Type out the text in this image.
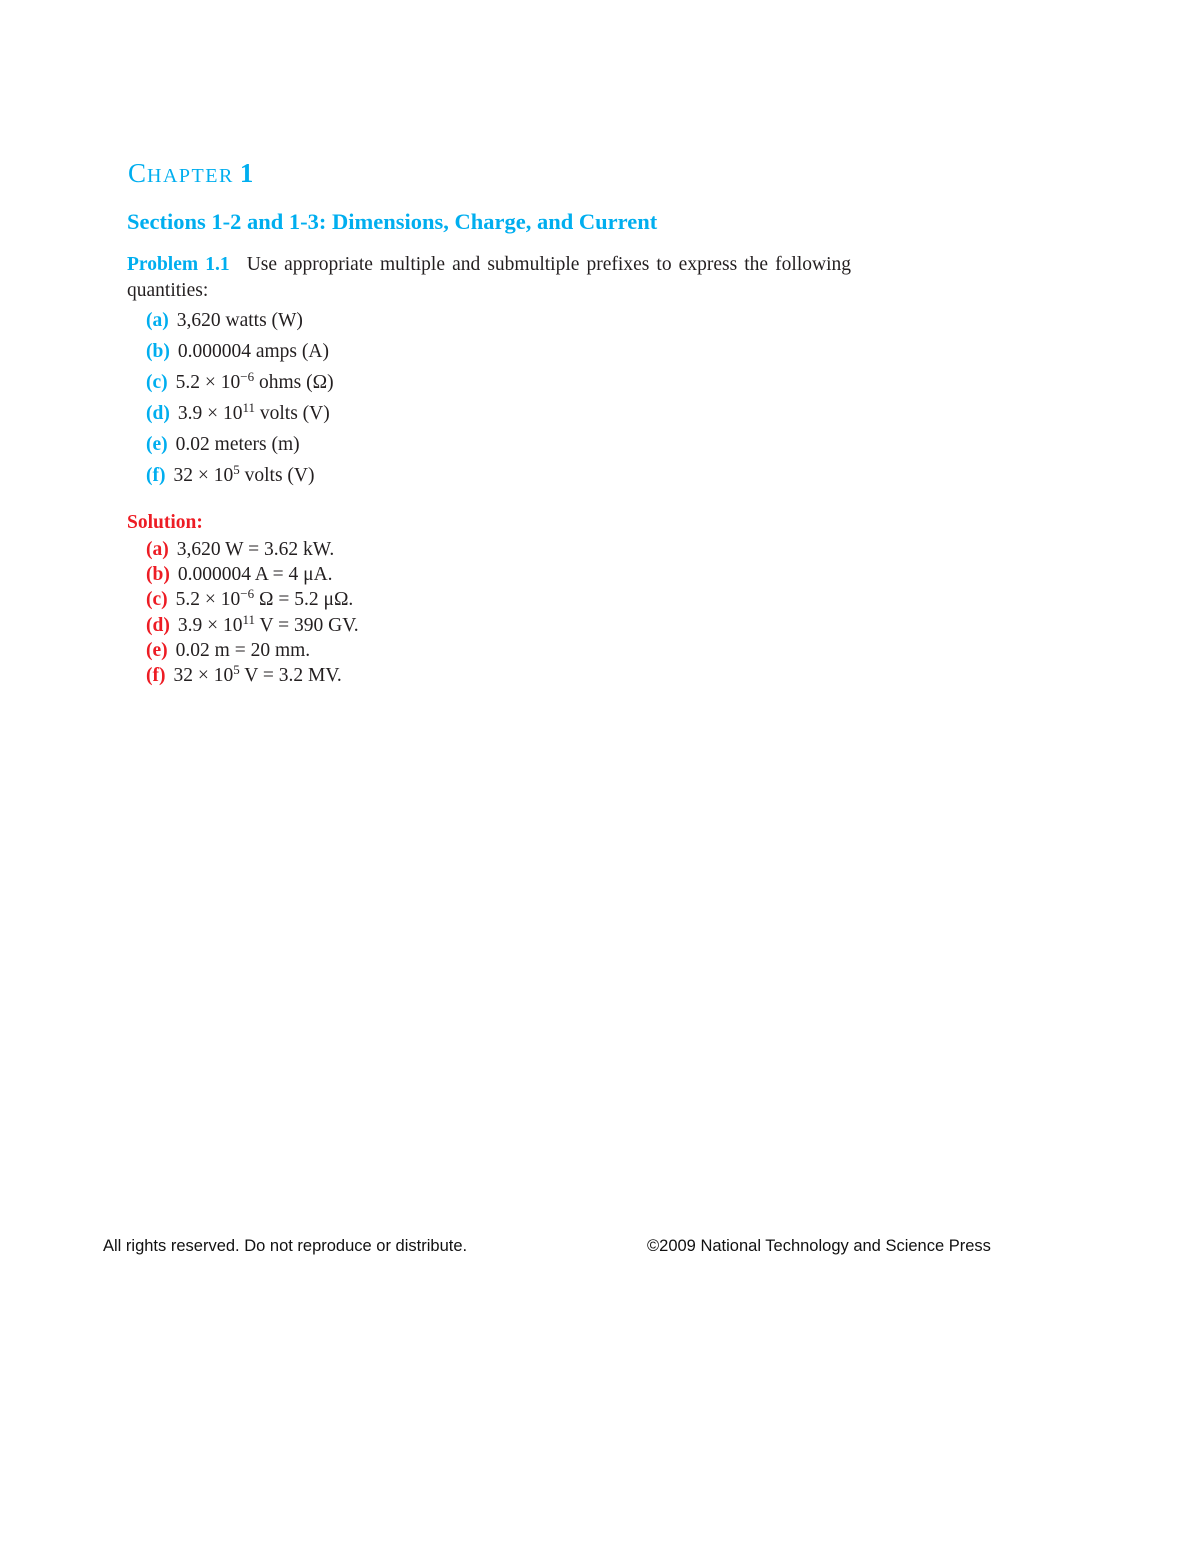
CHAPTER 1
Sections 1-2 and 1-3: Dimensions, Charge, and Current

Problem 1.1 Use appropriate multiple and submultiple prefixes to express the following quantities:

(a) 3,620 watts (W)
(b) 0.000004 amps (A)
(c) $5.2 \times 10^{-6}$ ohms (Ω)
(d) $3.9 \times 10^{11}$ volts (V)
(e) 0.02 meters (m)
(f) $32 \times 10^5$ volts (V)
Solution:
(a) 3,620 W = 3.62 kW.
(b) 0.000004 A = 4 μA.
(c) $5.2 \times 10^{-6}$ Ω = 5.2 μΩ.
(d) $3.9 \times 10^{11}$ V = 390 GV.
(e) 0.02 m = 20 mm.
(f) $32 \times 10^5$ V = 3.2 MV.

All rights reserved. Do not reproduce or distribute.	©2009 National Technology and Science Press
